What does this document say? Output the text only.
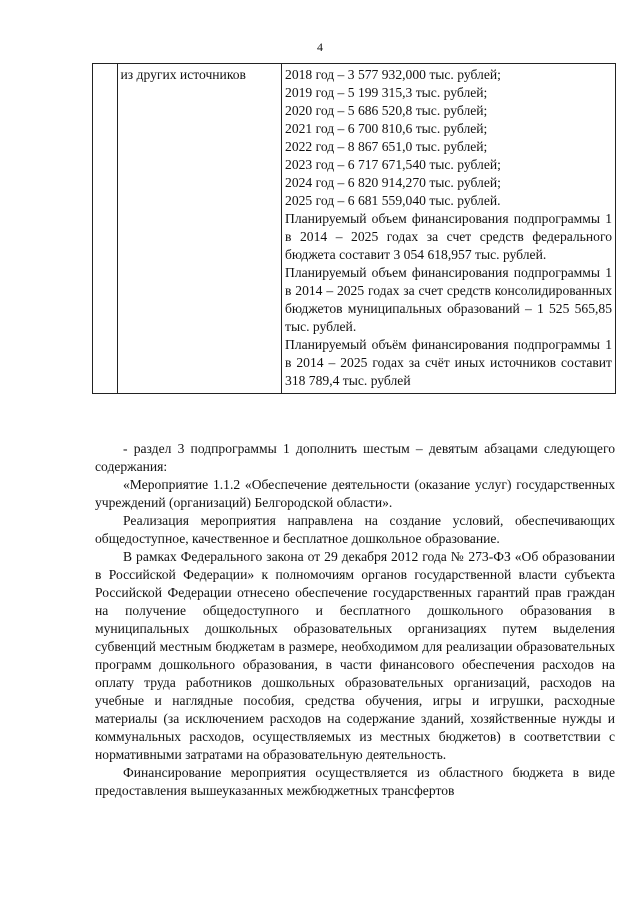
4
	из других источников	2018 год – 3 577 932,000 тыс. рублей;
2019 год – 5 199 315,3 тыс. рублей;
2020 год – 5 686 520,8 тыс. рублей;
2021 год – 6 700 810,6 тыс. рублей;
2022 год – 8 867 651,0 тыс. рублей;
2023 год – 6 717 671,540 тыс. рублей;
2024 год – 6 820 914,270 тыс. рублей;
2025 год – 6 681 559,040 тыс. рублей.
Планируемый объем финансирования подпрограммы 1 в 2014 – 2025 годах за счет средств федерального бюджета составит 3 054 618,957 тыс. рублей.
Планируемый объем финансирования подпрограммы 1 в 2014 – 2025 годах за счет средств консолидированных бюджетов муниципальных образований – 1 525 565,85 тыс. рублей.
Планируемый объём финансирования подпрограммы 1 в 2014 – 2025 годах за счёт иных источников составит 318 789,4 тыс. рублей

- раздел 3 подпрограммы 1 дополнить шестым – девятым абзацами следующего содержания:

«Мероприятие 1.1.2 «Обеспечение деятельности (оказание услуг) государственных учреждений (организаций) Белгородской области».

Реализация мероприятия направлена на создание условий, обеспечивающих общедоступное, качественное и бесплатное дошкольное образование.

В рамках Федерального закона от 29 декабря 2012 года № 273-ФЗ «Об образовании в Российской Федерации» к полномочиям органов государственной власти субъекта Российской Федерации отнесено обеспечение государственных гарантий прав граждан на получение общедоступного и бесплатного дошкольного образования в муниципальных дошкольных образовательных организациях путем выделения субвенций местным бюджетам в размере, необходимом для реализации образовательных программ дошкольного образования, в части финансового обеспечения расходов на оплату труда работников дошкольных образовательных организаций, расходов на учебные и наглядные пособия, средства обучения, игры и игрушки, расходные материалы (за исключением расходов на содержание зданий, хозяйственные нужды и коммунальных расходов, осуществляемых из местных бюджетов) в соответствии с нормативными затратами на образовательную деятельность.

Финансирование мероприятия осуществляется из областного бюджета в виде предоставления вышеуказанных межбюджетных трансфертов
